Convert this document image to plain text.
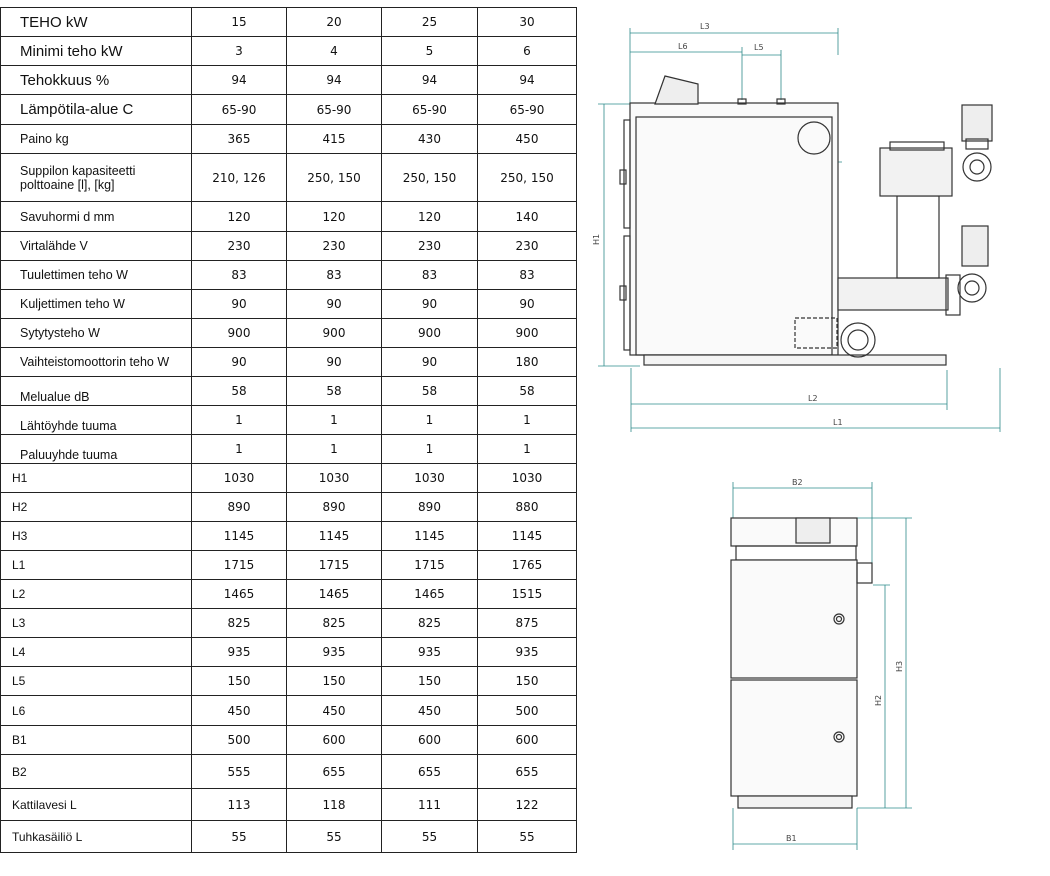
TEHO kW	15	20	25	30
Minimi teho kW	3	4	5	6
Tehokkuus %	94	94	94	94
Lämpötila-alue C	65-90	65-90	65-90	65-90
Paino kg	365	415	430	450
Suppilon kapasiteetti polttoaine [l], [kg]	210, 126	250, 150	250, 150	250, 150
Savuhormi d mm	120	120	120	140
Virtalähde V	230	230	230	230
Tuulettimen teho W	83	83	83	83
Kuljettimen teho W	90	90	90	90
Sytytysteho W	900	900	900	900
Vaihteistomoottorin teho W	90	90	90	180
Melualue dB	58	58	58	58
Lähtöyhde tuuma	1	1	1	1
Paluuyhde tuuma	1	1	1	1
H1	1030	1030	1030	1030
H2	890	890	890	880
H3	1145	1145	1145	1145
L1	1715	1715	1715	1765
L2	1465	1465	1465	1515
L3	825	825	825	875
L4	935	935	935	935
L5	150	150	150	150
L6	450	450	450	500
B1	500	600	600	600
B2	555	655	655	655
Kattilavesi L	113	118	111	122
Tuhkasäiliö L	55	55	55	55
L3
L6	L5
H1
L2
L1
B2
B1
H2
H3
